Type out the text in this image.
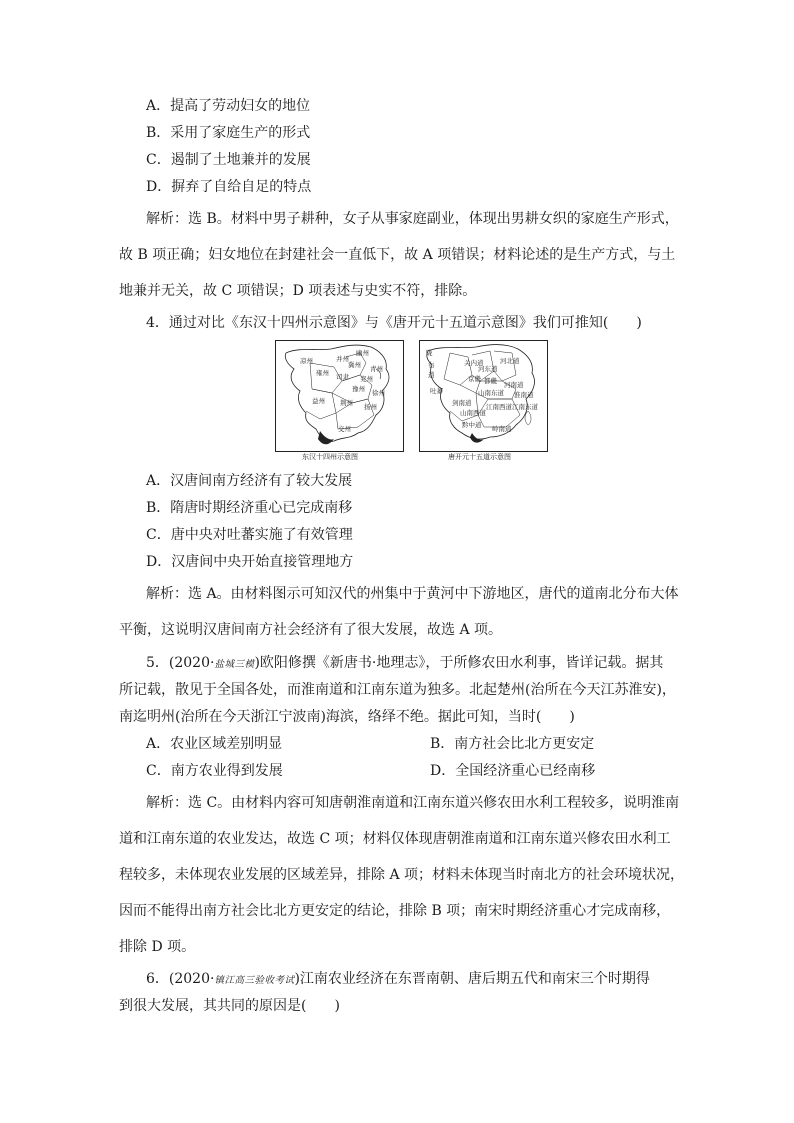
A．提高了劳动妇女的地位
B．采用了家庭生产的形式
C．遏制了土地兼并的发展
D．摒弃了自给自足的特点
解析：选 B。材料中男子耕种，女子从事家庭副业，体现出男耕女织的家庭生产形式，
故 B 项正确；妇女地位在封建社会一直低下，故 A 项错误；材料论述的是生产方式，与土
地兼并无关，故 C 项错误；D 项表述与史实不符，排除。
4．通过对比《东汉十四州示意图》与《唐开元十五道示意图》我们可推知(　　)
幽州
冀州 青州
兖州
并州
凉州
司隶
豫州 徐州
益州 荆州 扬州
交州
雍州
东汉十四州示意图
陇
右
道
关内道	河北道
河东道
京畿 都畿 河南道
吐蕃	山南东道 淮南道
剑南道
山南西道
江南西道 江南东道
黔中道 岭南道
唐开元十五道示意图
A．汉唐间南方经济有了较大发展
B．隋唐时期经济重心已完成南移
C．唐中央对吐蕃实施了有效管理
D．汉唐间中央开始直接管理地方
解析：选 A。由材料图示可知汉代的州集中于黄河中下游地区，唐代的道南北分布大体
平衡，这说明汉唐间南方社会经济有了很大发展，故选 A 项。
5．(2020·盐城三模)欧阳修撰《新唐书·地理志》，于所修农田水利事，皆详记载。据其
所记载，散见于全国各处，而淮南道和江南东道为独多。北起楚州(治所在今天江苏淮安)，
南迄明州(治所在今天浙江宁波南)海滨，络绎不绝。据此可知，当时(　　)
A．农业区域差别明显	B．南方社会比北方更安定
C．南方农业得到发展	D．全国经济重心已经南移
解析：选 C。由材料内容可知唐朝淮南道和江南东道兴修农田水利工程较多，说明淮南
道和江南东道的农业发达，故选 C 项；材料仅体现唐朝淮南道和江南东道兴修农田水利工
程较多，未体现农业发展的区域差异，排除 A 项；材料未体现当时南北方的社会环境状况，
因而不能得出南方社会比北方更安定的结论，排除 B 项；南宋时期经济重心才完成南移，
排除 D 项。
6．(2020·镇江高三验收考试)江南农业经济在东晋南朝、唐后期五代和南宋三个时期得
到很大发展，其共同的原因是(　　)
